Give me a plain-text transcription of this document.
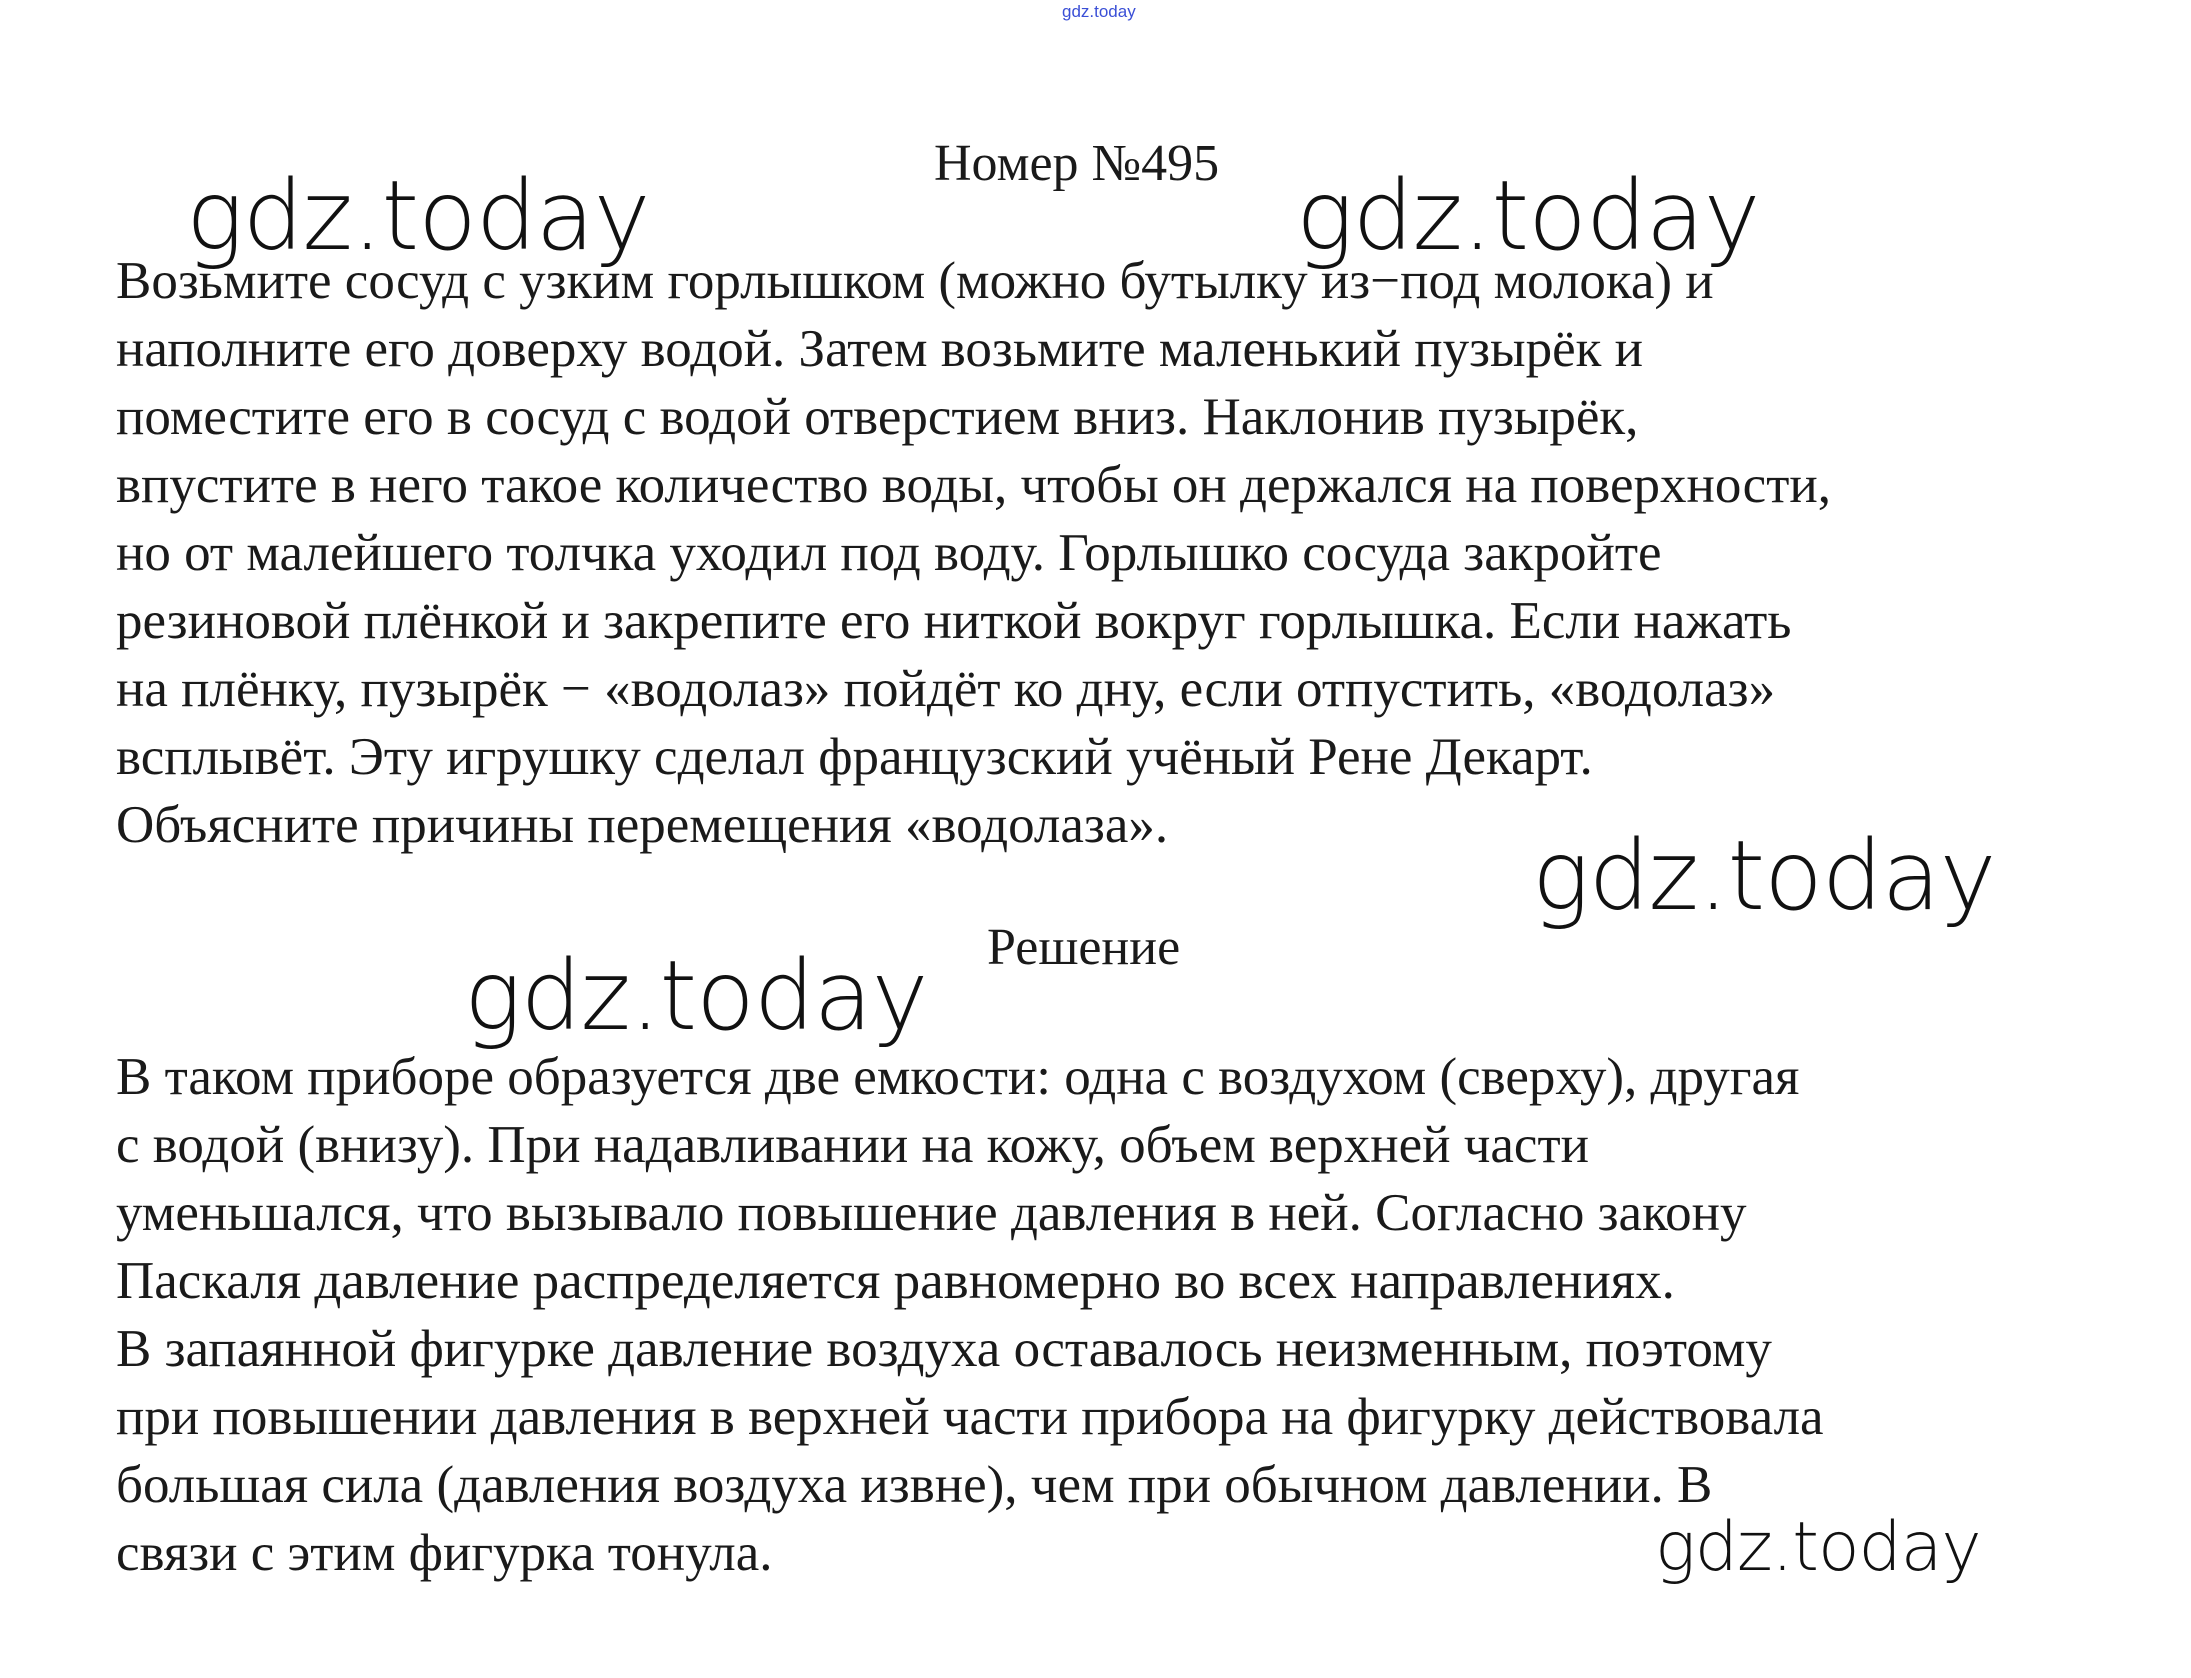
gdz.today
Номер №495
gdz.today	gdz.today
Возьмите сосуд с узким горлышком (можно бутылку из−под молока) и
наполните его доверху водой. Затем возьмите маленький пузырёк и
поместите его в сосуд с водой отверстием вниз. Наклонив пузырёк,
впустите в него такое количество воды, чтобы он держался на поверхности,
но от малейшего толчка уходил под воду. Горлышко сосуда закройте
резиновой плёнкой и закрепите его ниткой вокруг горлышка. Если нажать
на плёнку, пузырёк − «водолаз» пойдёт ко дну, если отпустить, «водолаз»
всплывёт. Эту игрушку сделал французский учёный Рене Декарт.
Объясните причины перемещения «водолаза».	gdz.today
Решение
gdz.today
В таком приборе образуется две емкости: одна с воздухом (сверху), другая
с водой (внизу). При надавливании на кожу, объем верхней части
уменьшался, что вызывало повышение давления в ней. Согласно закону
Паскаля давление распределяется равномерно во всех направлениях.
В запаянной фигурке давление воздуха оставалось неизменным, поэтому
при повышении давления в верхней части прибора на фигурку действовала
большая сила (давления воздуха извне), чем при обычном давлении. В
связи с этим фигурка тонула.	gdz.today
